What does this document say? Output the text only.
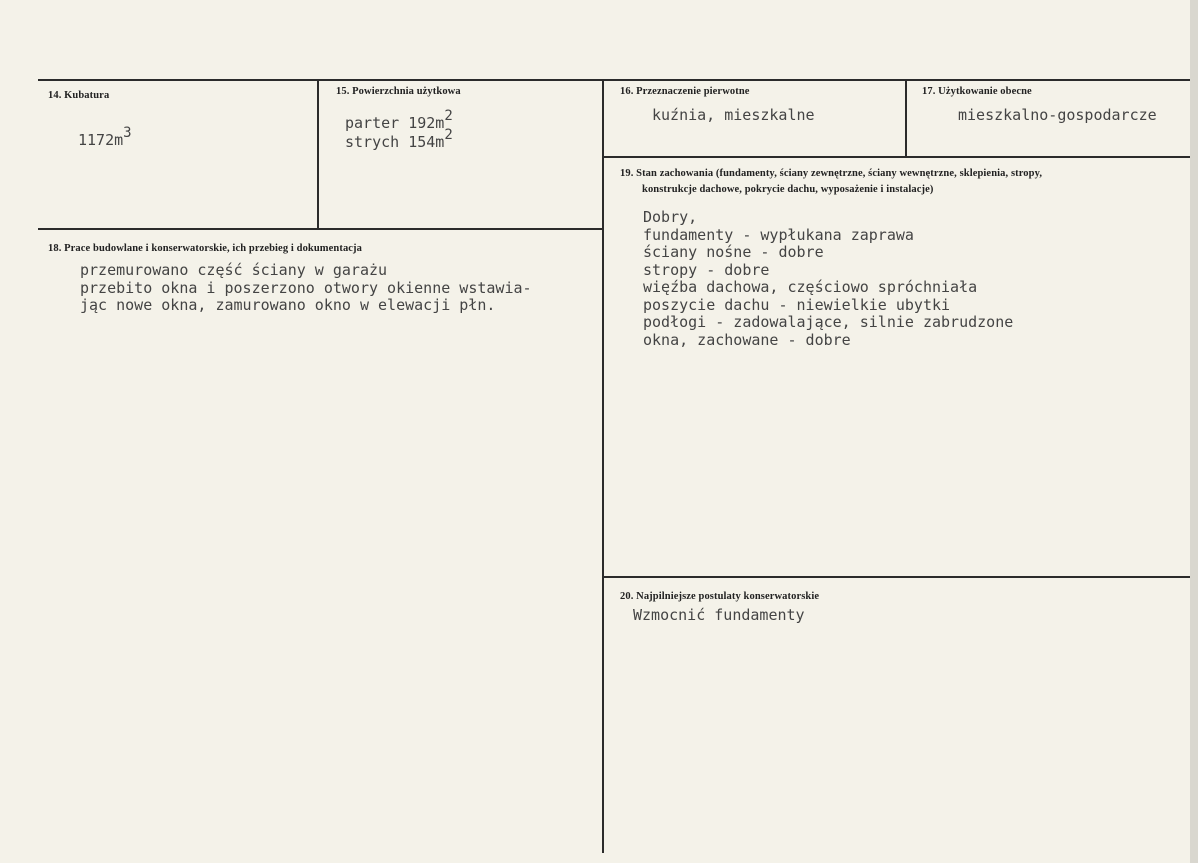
14. Kubatura
1172m3
15. Powierzchnia użytkowa
parter 192m2
strych 154m2
16. Przeznaczenie pierwotne
kuźnia, mieszkalne
17. Użytkowanie obecne
mieszkalno-gospodarcze
18. Prace budowlane i konserwatorskie, ich przebieg i dokumentacja
przemurowano część ściany w garażu
przebito okna i poszerzono otwory okienne wstawia-
jąc nowe okna, zamurowano okno w elewacji płn.
19. Stan zachowania (fundamenty, ściany zewnętrzne, ściany wewnętrzne, sklepienia, stropy,
konstrukcje dachowe, pokrycie dachu, wyposażenie i instalacje)
Dobry,
fundamenty - wypłukana zaprawa
ściany nośne - dobre
stropy - dobre
więźba dachowa, częściowo spróchniała
poszycie dachu - niewielkie ubytki
podłogi - zadowalające, silnie zabrudzone
okna, zachowane - dobre
20. Najpilniejsze postulaty konserwatorskie
Wzmocnić fundamenty
